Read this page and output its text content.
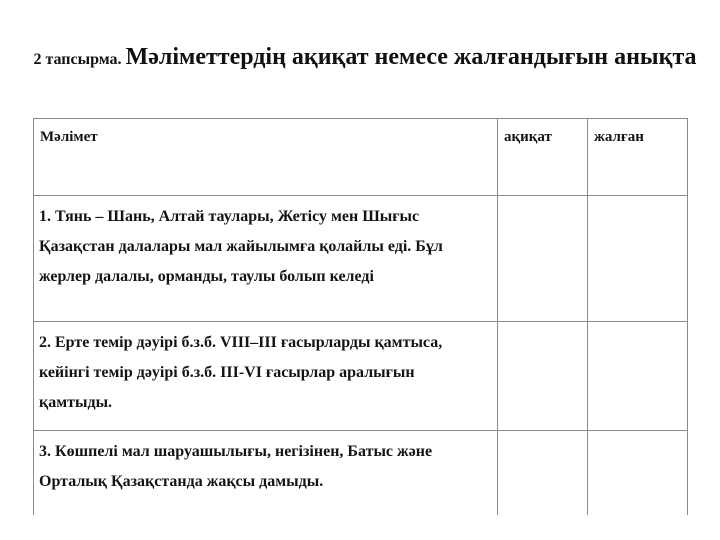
2 тапсырма. Мәліметтердің ақиқат немесе жалғандығын анықта
Мәлімет	ақиқат	жалған
1. Тянь – Шань, Алтай таулары, Жетісу мен Шығыс Қазақстан далалары мал жайылымға қолайлы еді. Бұл жерлер далалы, орманды, таулы болып келеді		
2. Ерте темір дәуірі б.з.б. VIII–III ғасырларды қамтыса, кейінгі темір дәуірі б.з.б. III-VI ғасырлар аралығын қамтыды.		
3. Көшпелі мал шаруашылығы, негізінен, Батыс және Орталық Қазақстанда жақсы дамыды.		
